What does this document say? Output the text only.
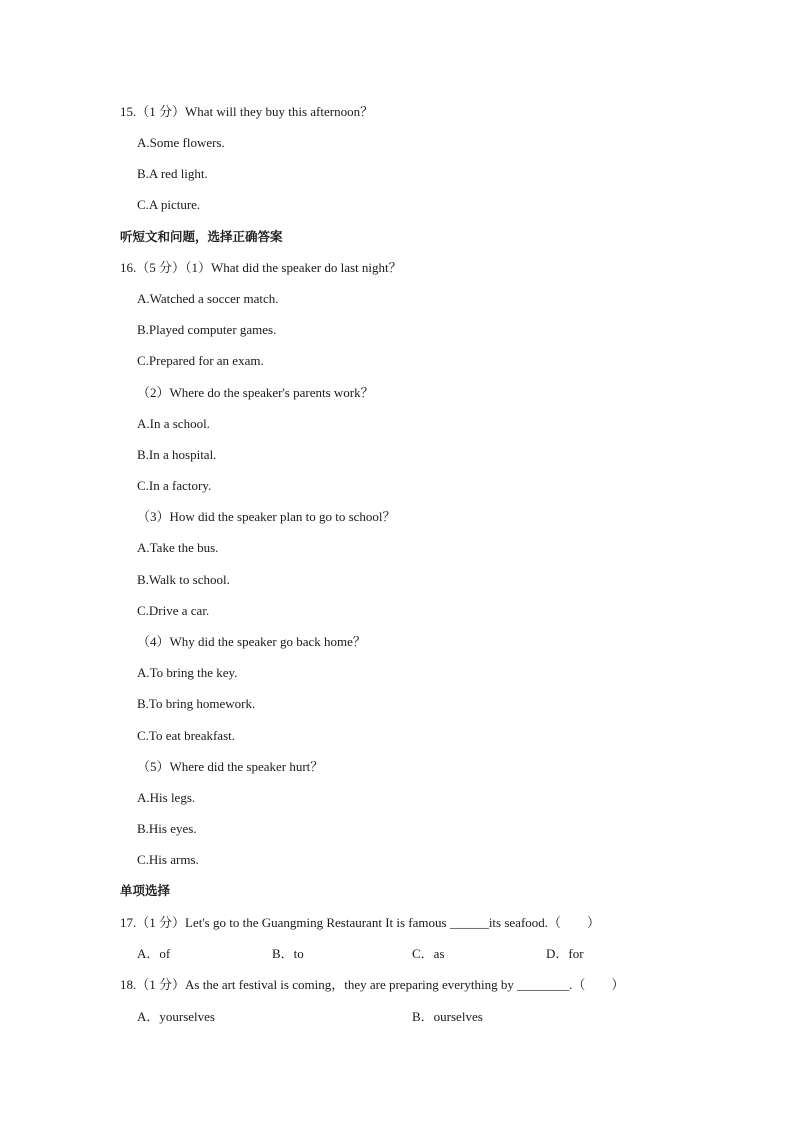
15.（1 分）What will they buy this afternoon？
A.Some flowers.
B.A red light.
C.A picture.
听短文和问题，选择正确答案
16.（5 分）（1）What did the speaker do last night？
A.Watched a soccer match.
B.Played computer games.
C.Prepared for an exam.
（2）Where do the speaker's parents work？
A.In a school.
B.In a hospital.
C.In a factory.
（3）How did the speaker plan to go to school？
A.Take the bus.
B.Walk to school.
C.Drive a car.
（4）Why did the speaker go back home？
A.To bring the key.
B.To bring homework.
C.To eat breakfast.
（5）Where did the speaker hurt？
A.His legs.
B.His eyes.
C.His arms.
单项选择
17.（1 分）Let's go to the Guangming Restaurant It is famous ______its seafood.（　　）
A．of	B．to	C．as	D．for
18.（1 分）As the art festival is coming，they are preparing everything by ________.（　　）
A．yourselves	B．ourselves
